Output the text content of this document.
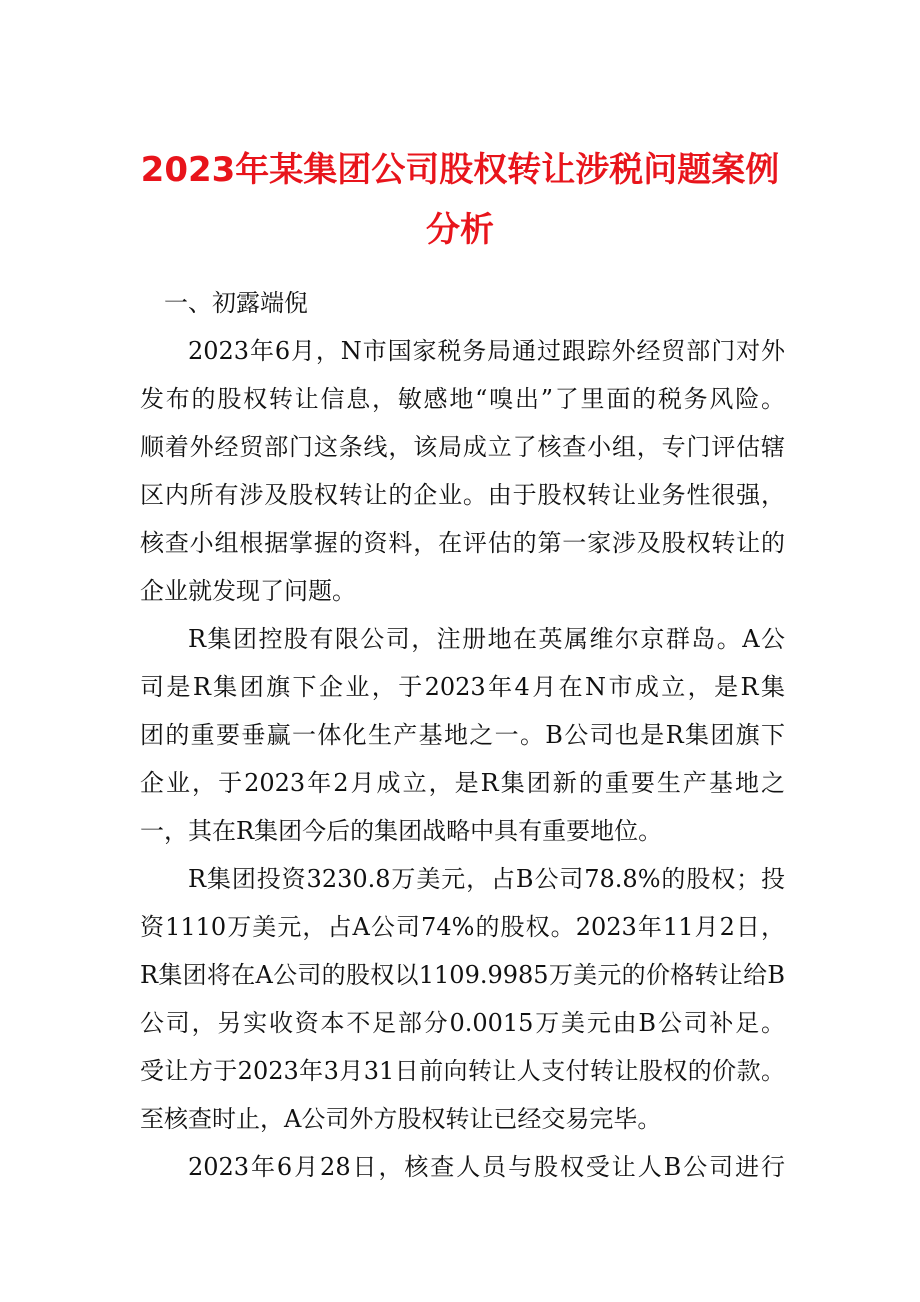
2023年某集团公司股权转让涉税问题案例
分析
一、初露端倪
2023年6月，N市国家税务局通过跟踪外经贸部门对外
发布的股权转让信息，敏感地“嗅出”了里面的税务风险。
顺着外经贸部门这条线，该局成立了核查小组，专门评估辖
区内所有涉及股权转让的企业。由于股权转让业务性很强，
核查小组根据掌握的资料，在评估的第一家涉及股权转让的
企业就发现了问题。
R集团控股有限公司，注册地在英属维尔京群岛。A公
司是R集团旗下企业，于2023年4月在N市成立，是R集
团的重要垂赢一体化生产基地之一。B公司也是R集团旗下
企业，于2023年2月成立，是R集团新的重要生产基地之
一，其在R集团今后的集团战略中具有重要地位。
R集团投资3230.8万美元，占B公司78.8%的股权；投
资1110万美元，占A公司74%的股权。2023年11月2日，
R集团将在A公司的股权以1109.9985万美元的价格转让给B
公司，另实收资本不足部分0.0015万美元由B公司补足。
受让方于2023年3月31日前向转让人支付转让股权的价款。
至核查时止，A公司外方股权转让已经交易完毕。
2023年6月28日，核查人员与股权受让人B公司进行
